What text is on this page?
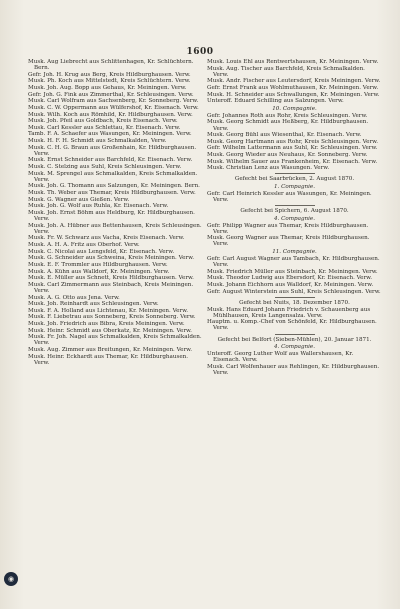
1600
Musk. Aug Liebrecht aus Schlittenhagen, Kr. Schlüchtern. Bern.
Gefr. Joh. H. Krug aus Berg, Kreis Hildburghausen. Verw.
Musk. Ph. Koch aus Mittelstedt, Kreis Schlüchtern. Verw.
Musk. Joh. Aug. Bopp aus Gehaus, Kr. Meiningen. Verw.
Gefr. Joh. G. Fink aus Zimmerthal, Kr. Schleusingen. Verw.
Musk. Carl Wolfram aus Sachsenberg, Kr. Sonneberg. Verw.
Musk. C. W. Oppermann aus Wülfershof, Kr. Eisenach. Verw.
Musk. Wilh. Koch aus Römhild, Kr. Hildburghausen. Verw.
Musk. Joh. Pfeil aus Goldbach, Kreis Eisenach. Verw.
Musk. Carl Kessler aus Schlettau, Kr. Eisenach. Verw.
Tamb. F. A. Schaefer aus Wasungen, Kr. Meiningen. Verw.
Musk. H. F. H. Schmidt aus Schmalkalden, Verw.
Musk. C. H. G. Braun aus Großenhain, Kr. Hildburghausen. Verw.
Musk. Ernst Schneider aus Barchfeld, Kr. Eisenach. Verw.
Musk. C. Stelzing aus Suhl, Kreis Schleusingen. Verw.
Musk. M. Sprengel aus Schmalkalden, Kreis Schmalkalden. Verw.
Musk. Joh. G. Thomann aus Salzungen, Kr. Meiningen. Bern.
Musk. Th. Weber aus Themar, Kreis Hildburghausen. Verw.
Musk. G. Wagner aus Gießen. Verw.
Musk. Joh. G. Wolf aus Ruhla, Kr. Eisenach. Verw.
Musk. Joh. Ernst Böhm aus Heldburg, Kr. Hildburghausen. Verw.
Musk. Joh. A. Hübner aus Bettenhausen, Kreis Schleusingen. Verw.
Musk. Fr. W. Schwarz aus Vacha, Kreis Eisenach. Verw.
Musk. A. H. A. Fritz aus Oberhof. Verw.
Musk. C. Nicolai aus Lengsfeld, Kr. Eisenach. Verw.
Musk. G. Schneider aus Schweina, Kreis Meiningen. Verw.
Musk. E. F. Trommler aus Hildburghausen. Verw.
Musk. A. Kühn aus Walldorf, Kr. Meiningen. Verw.
Musk. E. Müller aus Schnett, Kreis Hildburghausen. Verw.
Musk. Carl Zimmermann aus Steinbach, Kreis Meiningen. Verw.
Musk. A. G. Otto aus Jena. Verw.
Musk. Joh. Reinhardt aus Schleusingen. Verw.
Musk. F. A. Holland aus Lichtenau, Kr. Meiningen. Verw.
Musk. F. Liebetrau aus Sonneberg, Kreis Sonneberg. Verw.
Musk. Joh. Friedrich aus Bibra, Kreis Meiningen. Verw.
Musk. Heinr. Schmidt aus Oberkatz, Kr. Meiningen. Verw.
Musk. Fr. Joh. Nagel aus Schmalkalden, Kreis Schmalkalden. Verw.
Musk. Aug. Zimmer aus Breitungen, Kr. Meiningen. Verw.
Musk. Heinr. Eckhardt aus Themar, Kr. Hildburghausen. Verw.
Musk. Louis Ehl aus Rentwertshausen, Kr. Meiningen. Verw.
Musk. Aug. Tischer aus Barchfeld, Kreis Schmalkalden. Verw.
Musk. Andr. Fischer aus Leutersdorf, Kreis Meiningen. Verw.
Gefr. Ernst Frank aus Wohlmuthausen, Kr. Meiningen. Verw.
Musk. H. Schneider aus Schwallungen, Kr. Meiningen. Verw.
Unteroff. Eduard Schilling aus Salzungen. Verw.
10. Compagnie.
Gefr. Johannes Roth aus Rohr, Kreis Schleusingen. Verw.
Musk. Georg Schmidt aus Heßberg, Kr. Hildburghausen. Verw.
Musk. Georg Bühl aus Wiesenthal, Kr. Eisenach. Verw.
Musk. Georg Hartmann aus Rohr, Kreis Schleusingen. Verw.
Gefr. Wilhelm Lattermann aus Suhl, Kr. Schleusingen. Verw.
Musk. Georg Wieder aus Neuhaus, Kr. Sonneberg. Verw.
Musk. Wilhelm Sauer aus Frankenheim, Kr. Eisenach. Verw.
Musk. Christian Lenz aus Wasungen. Verw.
Gefecht bei Saarbrücken, 2. August 1870.
1. Compagnie.
Gefr. Carl Heinrich Kessler aus Wasungen, Kr. Meiningen. Verw.
Gefecht bei Spichern, 6. August 1870.
4. Compagnie.
Gefr. Philipp Wagner aus Themar, Kreis Hildburghausen. Verw.
Musk. Georg Wagner aus Themar, Kreis Hildburghausen. Verw.
11. Compagnie.
Gefr. Carl August Wagner aus Tambach, Kr. Hildburghausen. Verw.
Musk. Friedrich Müller aus Steinbach, Kr. Meiningen. Verw.
Musk. Theodor Ludwig aus Ebersdorf, Kr. Eisenach. Verw.
Musk. Johann Eichhorn aus Walldorf, Kr. Meiningen. Verw.
Gefr. August Winterstein aus Suhl, Kreis Schleusingen. Verw.
Gefecht bei Nuits, 18. Dezember 1870.
Musk. Hans Eduard Johann Friedrich v. Schauenberg aus Mühlhausen, Kreis Langensalza. Verw.
Hauptm. u. Komp.-Chef von Schönfeld, Kr. Hildburghausen. Verw.
Gefecht bei Belfort (Sieben-Mühlen), 20. Januar 1871.
4. Compagnie.
Unteroff. Georg Luther Wolf aus Wallershausen, Kr. Eisenach. Verw.
Musk. Carl Wolfenhauer aus Rehlingen, Kr. Hildburghausen. Verw.
◉
